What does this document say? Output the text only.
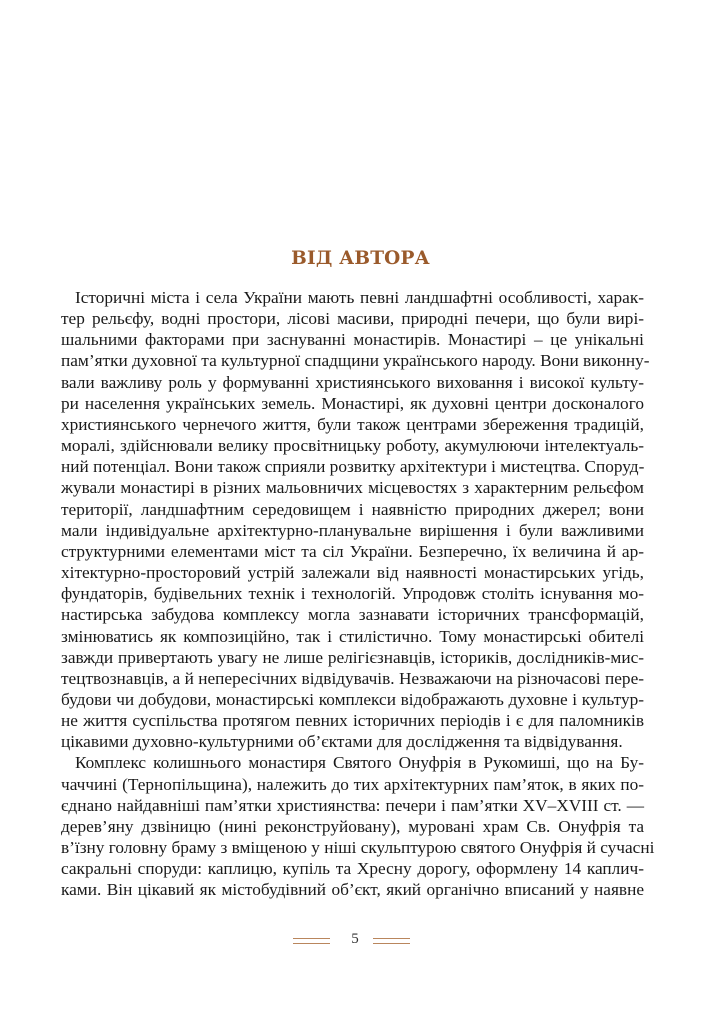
ВІД АВТОРА
Історичні міста і села України мають певні ландшафтні особливості, харак-
тер рельєфу, водні простори, лісові масиви, природні печери, що були вирі-
шальними факторами при заснуванні монастирів. Монастирі – це унікальні
пам’ятки духовної та культурної спадщини українського народу. Вони виконну-
вали важливу роль у формуванні християнського виховання і високої культу-
ри населення українських земель. Монастирі, як духовні центри досконалого
християнського чернечого життя, були також центрами збереження традицій,
моралі, здійснювали велику просвітницьку роботу, акумулюючи інтелектуаль-
ний потенціал. Вони також сприяли розвитку архітектури і мистецтва. Споруд-
жували монастирі в різних мальовничих місцевостях з характерним рельєфом
території, ландшафтним середовищем і наявністю природних джерел; вони
мали індивідуальне архітектурно-планувальне вирішення і були важливими
структурними елементами міст та сіл України. Безперечно, їх величина й ар-
хітектурно-просторовий устрій залежали від наявності монастирських угідь,
фундаторів, будівельних технік і технологій. Упродовж століть існування мо-
настирська забудова комплексу могла зазнавати історичних трансформацій,
змінюватись як композиційно, так і стилістично. Тому монастирські обителі
завжди привертають увагу не лише релігієзнавців, істориків, дослідників-мис-
тецтвознавців, а й непересічних відвідувачів. Незважаючи на різночасові пере-
будови чи добудови, монастирські комплекси відображають духовне і культур-
не життя суспільства протягом певних історичних періодів і є для паломників
цікавими духовно-культурними об’єктами для дослідження та відвідування.
Комплекс колишнього монастиря Святого Онуфрія в Рукомиші, що на Бу-
чаччині (Тернопільщина), належить до тих архітектурних пам’яток, в яких по-
єднано найдавніші пам’ятки християнства: печери і пам’ятки XV–XVIII ст. —
дерев’яну дзвіницю (нині реконструйовану), муровані храм Св. Онуфрія та
в’їзну головну браму з вміщеною у ніші скульптурою святого Онуфрія й сучасні
сакральні споруди: каплицю, купіль та Хресну дорогу, оформлену 14 каплич-
ками. Він цікавий як містобудівний об’єкт, який органічно вписаний у наявне
5
